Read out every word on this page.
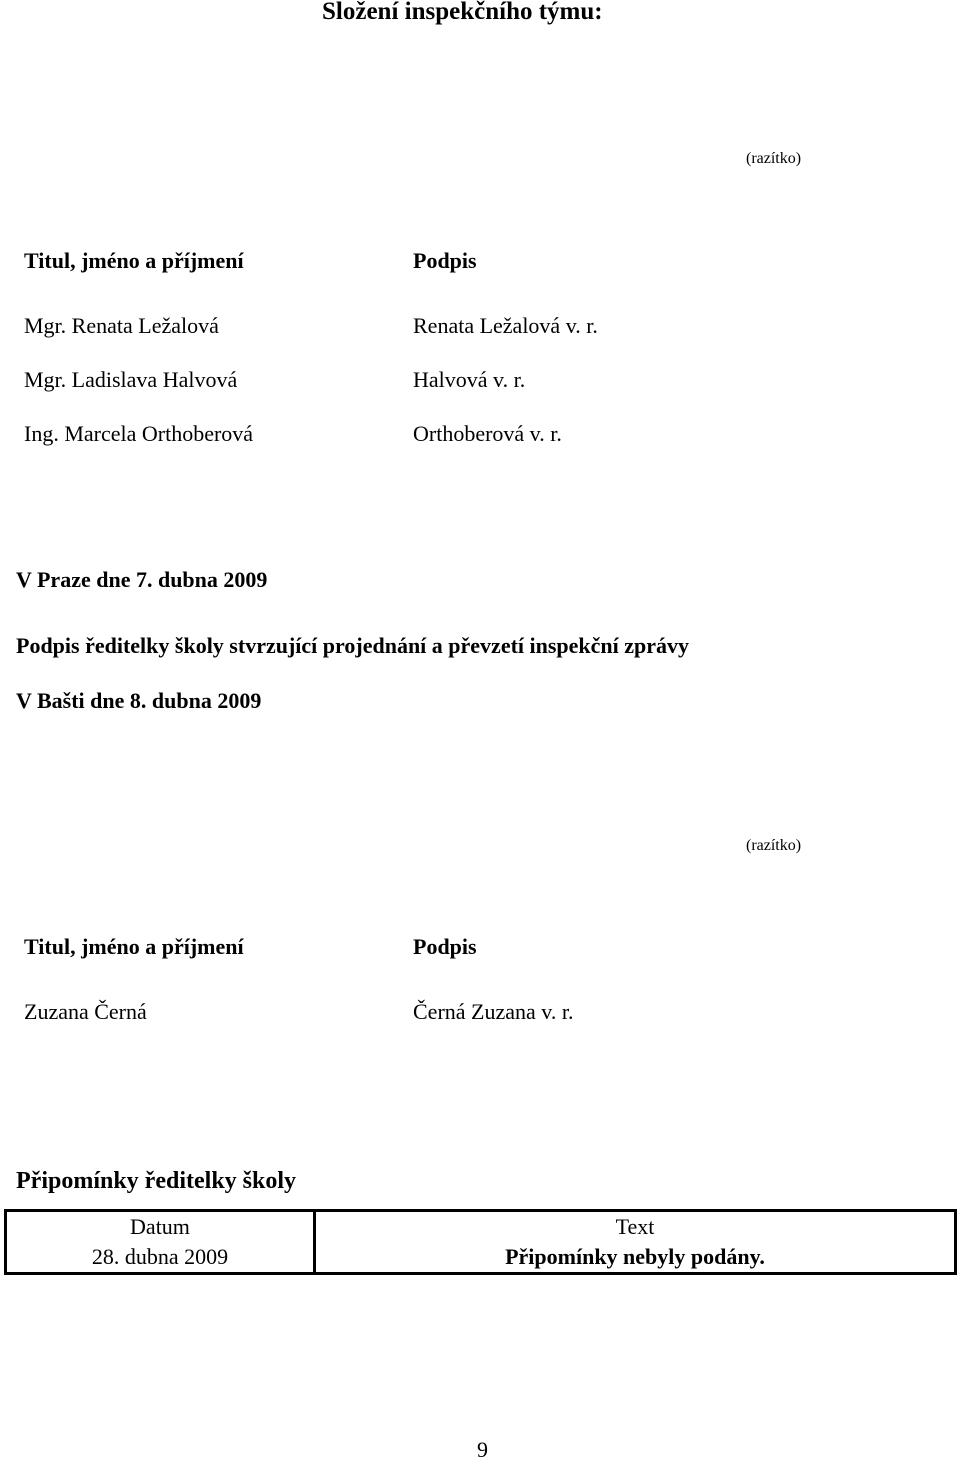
Složení inspekčního týmu:
(razítko)
Titul, jméno a příjmení	Podpis
Mgr. Renata Ležalová	Renata Ležalová v. r.
Mgr. Ladislava Halvová	Halvová v. r.
Ing. Marcela Orthoberová	Orthoberová v. r.
V Praze dne 7. dubna 2009
Podpis ředitelky školy stvrzující projednání a převzetí inspekční zprávy
V Bašti dne 8. dubna 2009
(razítko)
Titul, jméno a příjmení	Podpis
Zuzana Černá	Černá Zuzana v. r.
Připomínky ředitelky školy
Datum	Text
28. dubna 2009	Připomínky nebyly podány.
9
